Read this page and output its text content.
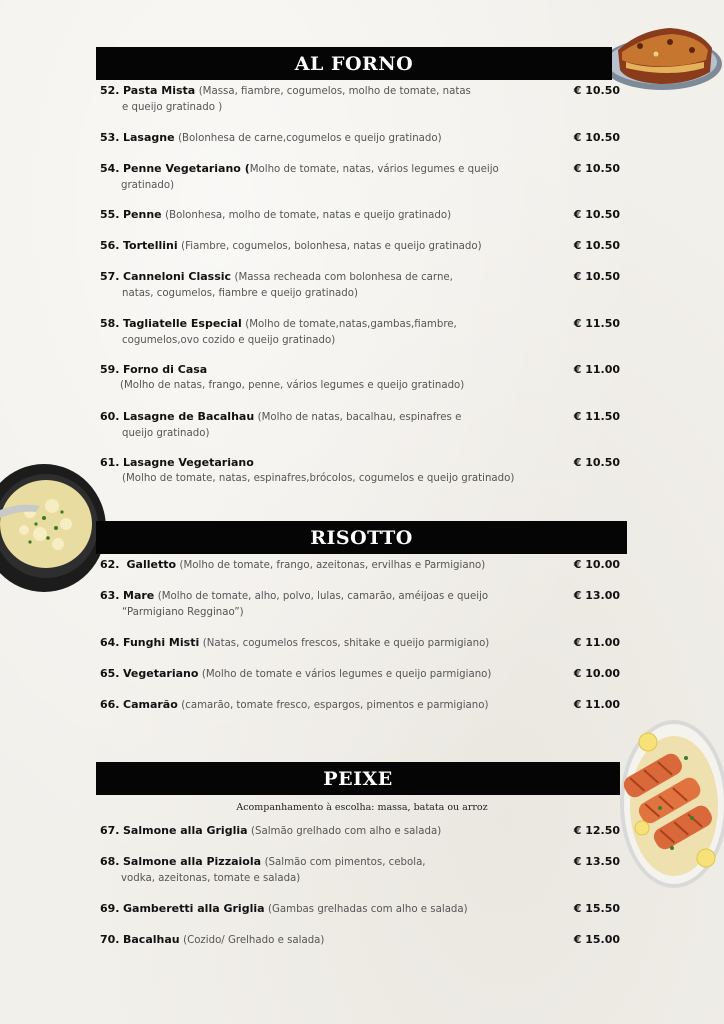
AL FORNO
52. Pasta Mista (Massa, fiambre, cogumelos, molho de tomate, natas	€ 10.50
e queijo gratinado )
53. Lasagne (Bolonhesa de carne,cogumelos e queijo gratinado)	€ 10.50
54. Penne Vegetariano (Molho de tomate, natas, vários legumes e queijo	€ 10.50
gratinado)
55. Penne (Bolonhesa, molho de tomate, natas e queijo gratinado)	€ 10.50
56. Tortellini (Fiambre, cogumelos, bolonhesa, natas e queijo gratinado)	€ 10.50
57. Canneloni Classic (Massa recheada com bolonhesa de carne,	€ 10.50
natas, cogumelos, fiambre e queijo gratinado)
58. Tagliatelle Especial (Molho de tomate,natas,gambas,fiambre,	€ 11.50
cogumelos,ovo cozido e queijo gratinado)
59. Forno di Casa	€ 11.00
(Molho de natas, frango, penne, vários legumes e queijo gratinado)
60. Lasagne de Bacalhau (Molho de natas, bacalhau, espinafres e	€ 11.50
queijo gratinado)
61. Lasagne Vegetariano	€ 10.50
(Molho de tomate, natas, espinafres,brócolos, cogumelos e queijo gratinado)
RISOTTO
62. Galletto (Molho de tomate, frango, azeitonas, ervilhas e Parmigiano)	€ 10.00
63. Mare (Molho de tomate, alho, polvo, lulas, camarão, améijoas e queijo	€ 13.00
“Parmigiano Regginao”)
64. Funghi Misti (Natas, cogumelos frescos, shitake e queijo parmigiano)	€ 11.00
65. Vegetariano (Molho de tomate e vários legumes e queijo parmigiano)	€ 10.00
66. Camarão (camarão, tomate fresco, espargos, pimentos e parmigiano)	€ 11.00
PEIXE
Acompanhamento à escolha: massa, batata ou arroz
67. Salmone alla Griglia (Salmão grelhado com alho e salada)	€ 12.50
68. Salmone alla Pizzaiola (Salmão com pimentos, cebola,	€ 13.50
vodka, azeitonas, tomate e salada)
69. Gamberetti alla Griglia (Gambas grelhadas com alho e salada)	€ 15.50
70. Bacalhau (Cozido/ Grelhado e salada)	€ 15.00
